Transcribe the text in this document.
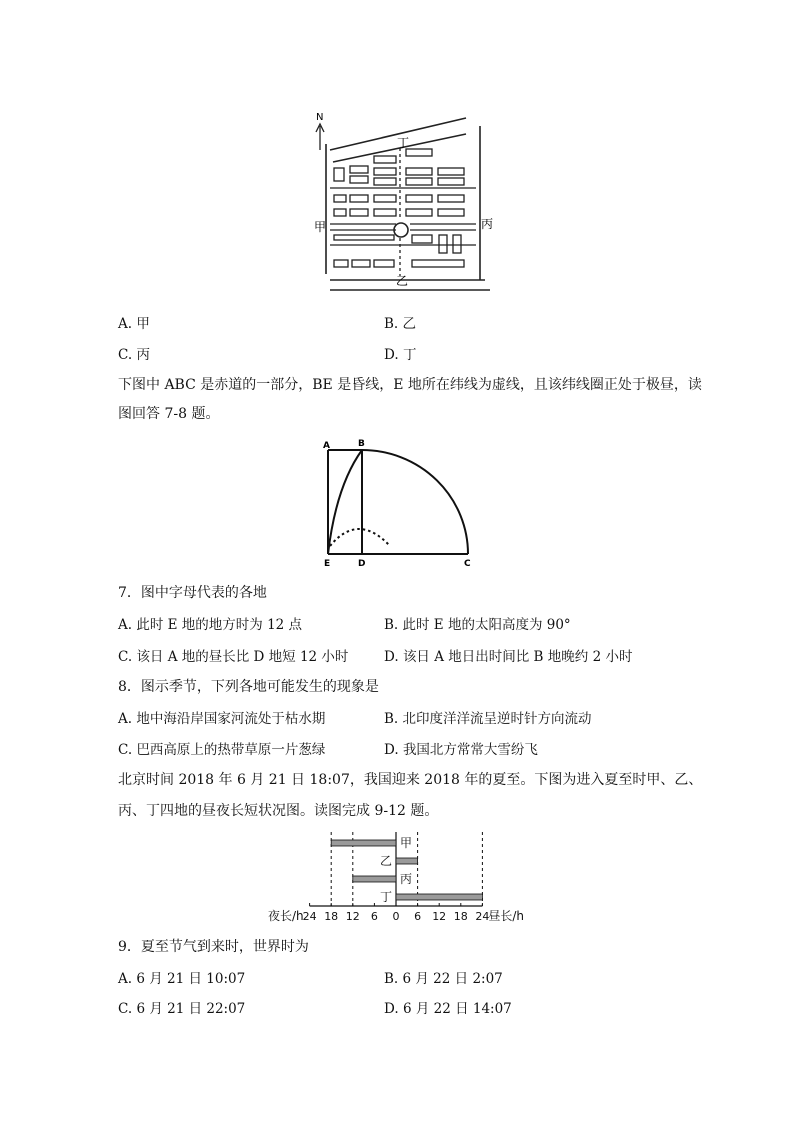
N
丁
乙
甲	丙
A. 甲	B. 乙
C. 丙	D. 丁
下图中 ABC 是赤道的一部分，BE 是昏线，E 地所在纬线为虚线，且该纬线圈正处于极昼，读
图回答 7-8 题。
A	B
E	D	C
7．图中字母代表的各地
A. 此时 E 地的地方时为 12 点	B. 此时 E 地的太阳高度为 90°
C. 该日 A 地的昼长比 D 地短 12 小时	D. 该日 A 地日出时间比 B 地晚约 2 小时
8．图示季节，下列各地可能发生的现象是
A. 地中海沿岸国家河流处于枯水期	B. 北印度洋洋流呈逆时针方向流动
C. 巴西高原上的热带草原一片葱绿	D. 我国北方常常大雪纷飞
北京时间 2018 年 6 月 21 日 18:07，我国迎来 2018 年的夏至。下图为进入夏至时甲、乙、
丙、丁四地的昼夜长短状况图。读图完成 9-12 题。
24 18 12 6 0 6 12 18 24
夜长/h	昼长/h
甲
乙
丙
丁
9．夏至节气到来时，世界时为
A. 6 月 21 日 10:07	B. 6 月 22 日 2:07
C. 6 月 21 日 22:07	D. 6 月 22 日 14:07
